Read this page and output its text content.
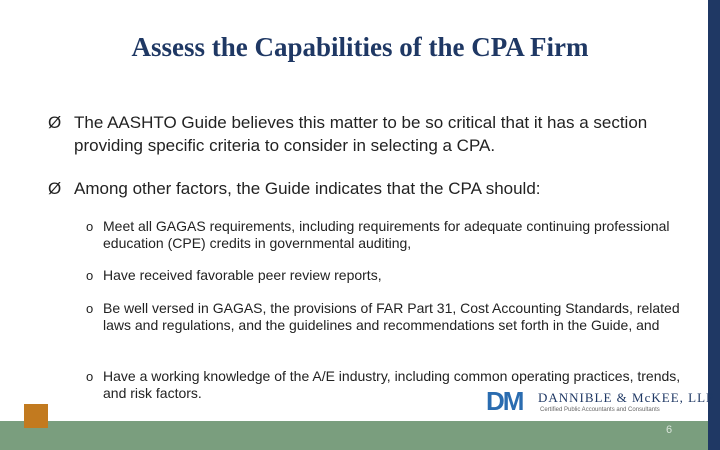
Assess the Capabilities of the CPA Firm
Ø The AASHTO Guide believes this matter to be so critical that it has a section providing specific criteria to consider in selecting a CPA.
Ø Among other factors, the Guide indicates that the CPA should:
o Meet all GAGAS requirements, including requirements for adequate continuing professional education (CPE) credits in governmental auditing,
o Have received favorable peer review reports,
o Be well versed in GAGAS, the provisions of FAR Part 31, Cost Accounting Standards, related laws and regulations, and the guidelines and recommendations set forth in the Guide, and
o Have a working knowledge of the A/E industry, including common operating practices, trends, and risk factors.	DM	DANNIBLE & McKEE, LLP
Certified Public Accountants and Consultants
6
